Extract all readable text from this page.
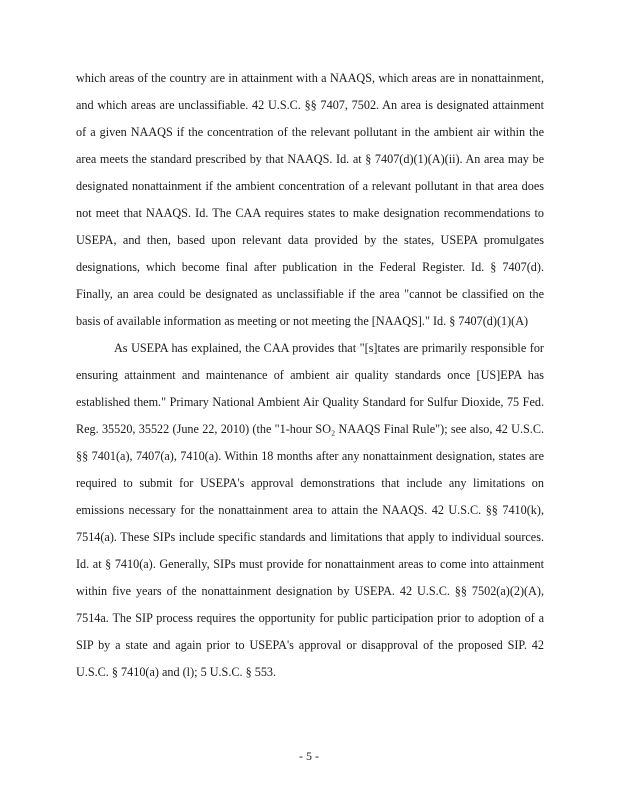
which areas of the country are in attainment with a NAAQS, which areas are in nonattainment,
and which areas are unclassifiable. 42 U.S.C. §§ 7407, 7502. An area is designated attainment
of a given NAAQS if the concentration of the relevant pollutant in the ambient air within the
area meets the standard prescribed by that NAAQS. Id. at § 7407(d)(1)(A)(ii). An area may be
designated nonattainment if the ambient concentration of a relevant pollutant in that area does
not meet that NAAQS. Id. The CAA requires states to make designation recommendations to
USEPA, and then, based upon relevant data provided by the states, USEPA promulgates
designations, which become final after publication in the Federal Register. Id. § 7407(d).
Finally, an area could be designated as unclassifiable if the area "cannot be classified on the
basis of available information as meeting or not meeting the [NAAQS]." Id. § 7407(d)(1)(A)
As USEPA has explained, the CAA provides that "[s]tates are primarily responsible for
ensuring attainment and maintenance of ambient air quality standards once [US]EPA has
established them." Primary National Ambient Air Quality Standard for Sulfur Dioxide, 75 Fed.
Reg. 35520, 35522 (June 22, 2010) (the "1-hour SO₂ NAAQS Final Rule"); see also, 42 U.S.C.
§§ 7401(a), 7407(a), 7410(a). Within 18 months after any nonattainment designation, states are
required to submit for USEPA's approval demonstrations that include any limitations on
emissions necessary for the nonattainment area to attain the NAAQS. 42 U.S.C. §§ 7410(k),
7514(a). These SIPs include specific standards and limitations that apply to individual sources.
Id. at § 7410(a). Generally, SIPs must provide for nonattainment areas to come into attainment
within five years of the nonattainment designation by USEPA. 42 U.S.C. §§ 7502(a)(2)(A),
7514a. The SIP process requires the opportunity for public participation prior to adoption of a
SIP by a state and again prior to USEPA's approval or disapproval of the proposed SIP. 42
U.S.C. § 7410(a) and (l); 5 U.S.C. § 553.
- 5 -
